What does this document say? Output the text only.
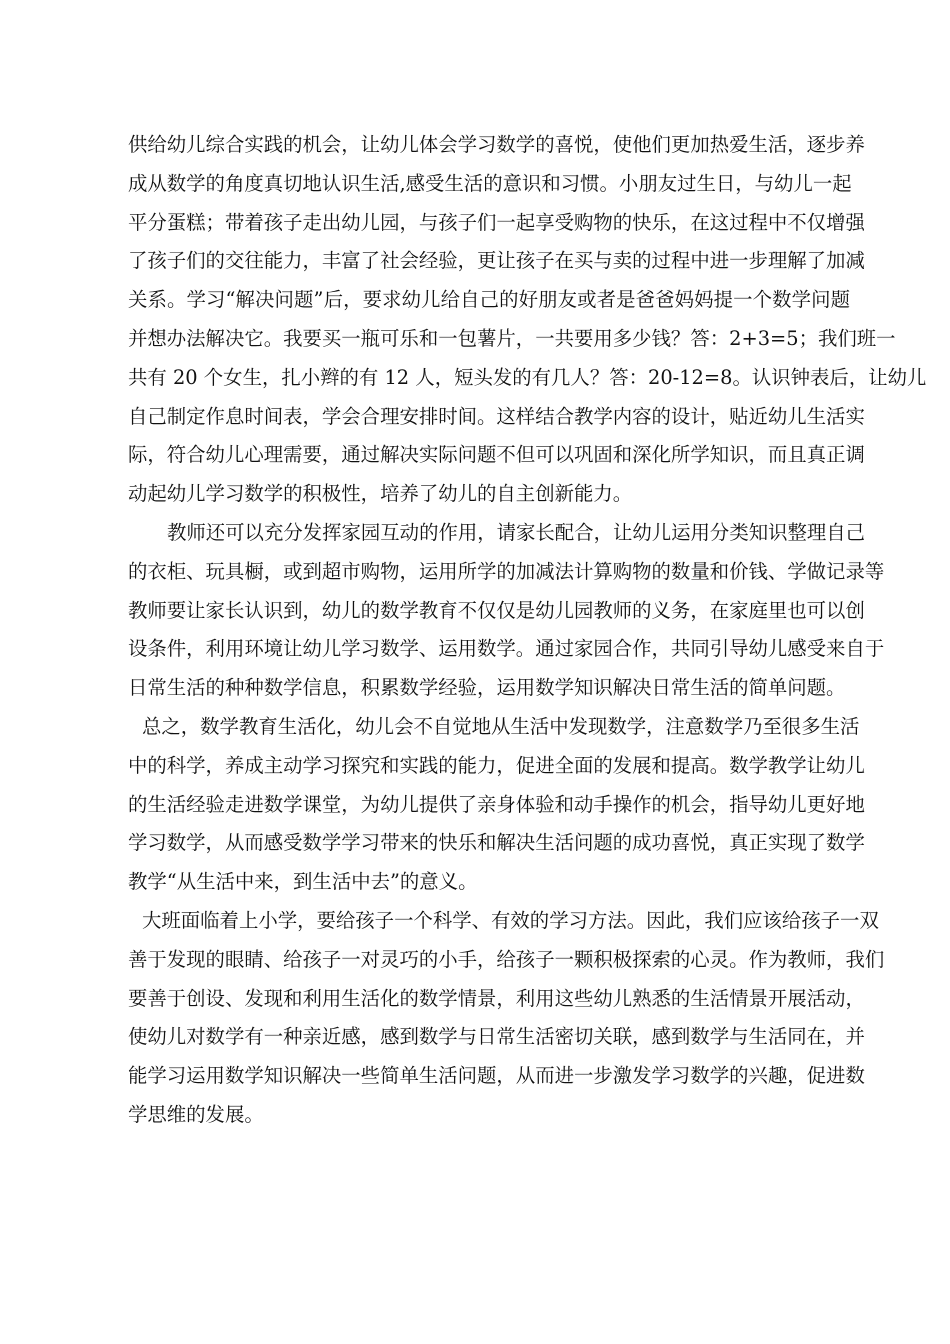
供给幼儿综合实践的机会，让幼儿体会学习数学的喜悦，使他们更加热爱生活，逐步养
成从数学的角度真切地认识生活,感受生活的意识和习惯。小朋友过生日，与幼儿一起
平分蛋糕；带着孩子走出幼儿园，与孩子们一起享受购物的快乐，在这过程中不仅增强
了孩子们的交往能力，丰富了社会经验，更让孩子在买与卖的过程中进一步理解了加减
关系。学习“解决问题”后，要求幼儿给自己的好朋友或者是爸爸妈妈提一个数学问题
并想办法解决它。我要买一瓶可乐和一包薯片，一共要用多少钱？答：2+3=5；我们班一
共有 20 个女生，扎小辫的有 12 人，短头发的有几人？答：20-12=8。认识钟表后，让幼儿
自己制定作息时间表，学会合理安排时间。这样结合教学内容的设计，贴近幼儿生活实
际，符合幼儿心理需要，通过解决实际问题不但可以巩固和深化所学知识，而且真正调
动起幼儿学习数学的积极性，培养了幼儿的自主创新能力。
教师还可以充分发挥家园互动的作用，请家长配合，让幼儿运用分类知识整理自己
的衣柜、玩具橱，或到超市购物，运用所学的加减法计算购物的数量和价钱、学做记录等
教师要让家长认识到，幼儿的数学教育不仅仅是幼儿园教师的义务，在家庭里也可以创
设条件，利用环境让幼儿学习数学、运用数学。通过家园合作，共同引导幼儿感受来自于
日常生活的种种数学信息，积累数学经验，运用数学知识解决日常生活的简单问题。
总之，数学教育生活化，幼儿会不自觉地从生活中发现数学，注意数学乃至很多生活
中的科学，养成主动学习探究和实践的能力，促进全面的发展和提高。数学教学让幼儿
的生活经验走进数学课堂，为幼儿提供了亲身体验和动手操作的机会，指导幼儿更好地
学习数学，从而感受数学学习带来的快乐和解决生活问题的成功喜悦，真正实现了数学
教学“从生活中来，到生活中去”的意义。
大班面临着上小学，要给孩子一个科学、有效的学习方法。因此，我们应该给孩子一双
善于发现的眼睛、给孩子一对灵巧的小手，给孩子一颗积极探索的心灵。作为教师，我们
要善于创设、发现和利用生活化的数学情景，利用这些幼儿熟悉的生活情景开展活动，
使幼儿对数学有一种亲近感，感到数学与日常生活密切关联，感到数学与生活同在，并
能学习运用数学知识解决一些简单生活问题，从而进一步激发学习数学的兴趣，促进数
学思维的发展。
